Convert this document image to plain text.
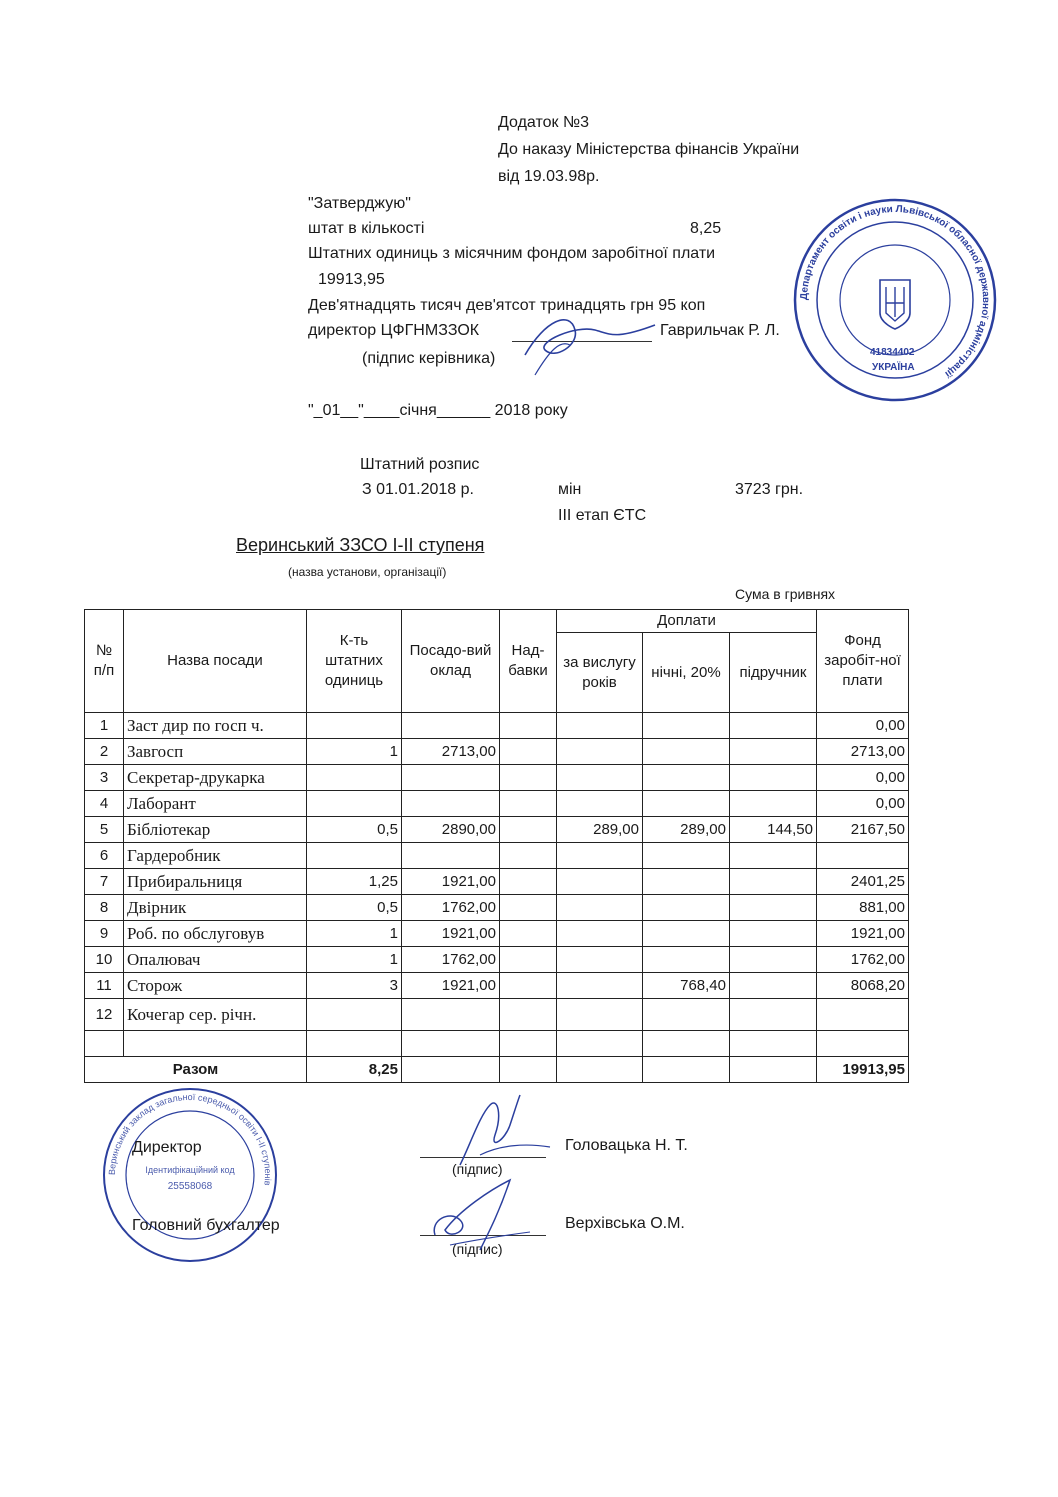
Додаток №3
До наказу Міністерства фінансів України
від 19.03.98р.
"Затверджую"
штат в кількості	8,25
Штатних одиниць з місячним фондом заробітної плати
19913,95
Дев'ятнадцять тисяч дев'ятсот тринадцять грн 95 коп
директор ЦФГНМЗЗОК	Гаврильчак Р. Л.
(підпис керівника)
"_01__"____січня______ 2018 року
Штатний розпис
З 01.01.2018 р.	мін	3723 грн.
ІІІ етап ЄТС
Веринський ЗЗСО І-ІІ ступеня
(назва установи, організації)
Сума в гривнях
Департамент освіти і науки Львівської обласної державної адміністрації
41834402
УКРАЇНА
№ п/п	Назва посади	К-ть штатних одиниць	Посадо-вий оклад	Над-бавки	Доплати			Фонд заробіт-ної плати
					за вислугу років	нічні, 20%	підручник	
1	Заст дир по госп ч.							0,00
2	Завгосп	1	2713,00					2713,00
3	Секретар-друкарка							0,00
4	Лаборант							0,00
5	Бібліотекар	0,5	2890,00		289,00	289,00	144,50	2167,50
6	Гардеробник							
7	Прибиральниця	1,25	1921,00					2401,25
8	Двірник	0,5	1762,00					881,00
9	Роб. по обслуговув	1	1921,00					1921,00
10	Опалювач	1	1762,00					1762,00
11	Сторож	3	1921,00			768,40		8068,20
12	Кочегар сер. річн.							

Разом		8,25						19913,95
Веринський заклад загальної середньої освіти І-ІІ ступенів
Ідентифікаційний код
25558068
Директор
(підпис)
Головацька Н. Т.
Головний бухгалтер
(підпис)
Верхівська О.М.
